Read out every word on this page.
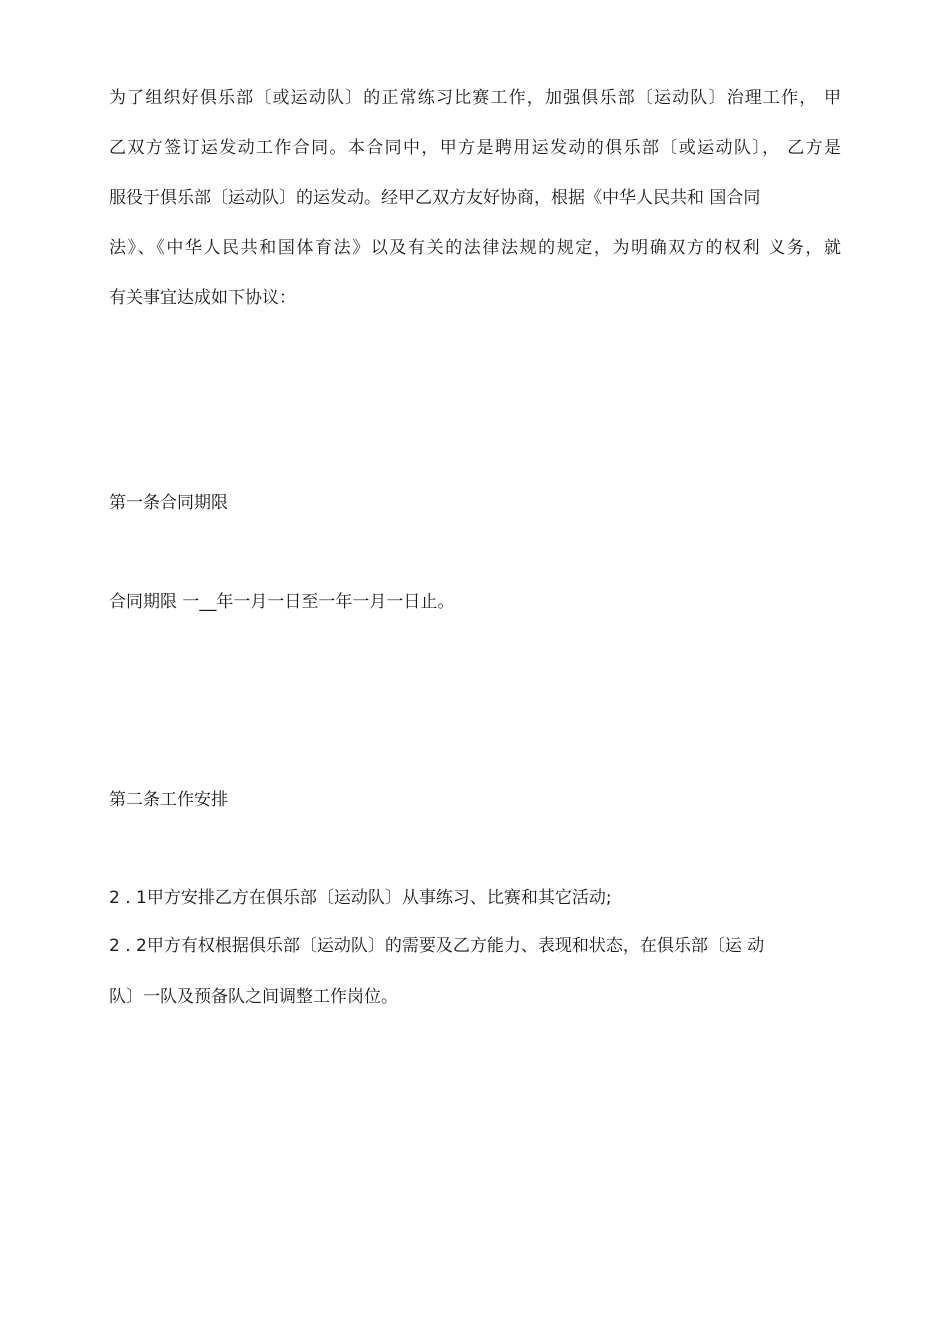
为了组织好俱乐部〔或运动队〕的正常练习比赛工作，加强俱乐部〔运动队〕治理工作， 甲
乙双方签订运发动工作合同。本合同中，甲方是聘用运发动的俱乐部〔或运动队〕， 乙方是
服役于俱乐部〔运动队〕的运发动。经甲乙双方友好协商，根据《中华人民共和 国合同
法》、《中华人民共和国体育法》以及有关的法律法规的规定，为明确双方的权利 义务，就
有关事宜达成如下协议：
第一条合同期限
合同期限 一__年一月一日至一年一月一日止。
第二条工作安排
2 . 1甲方安排乙方在俱乐部〔运动队〕从事练习、比赛和其它活动;
2 . 2甲方有权根据俱乐部〔运动队〕的需要及乙方能力、表现和状态，在俱乐部〔运 动
队〕一队及预备队之间调整工作岗位。
